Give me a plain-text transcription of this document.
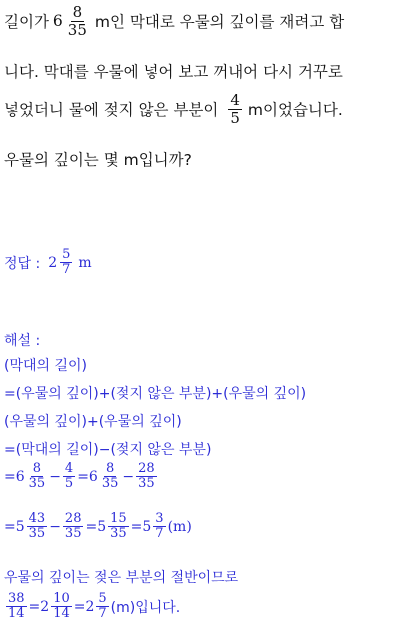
길이가 $6 \frac{8}{35}$ m인 막대로 우물의 깊이를 재려고 합
니다. 막대를 우물에 넣어 보고 꺼내어 다시 거꾸로
넣었더니 물에 젖지 않은 부분이 $\frac{4}{5}$ m이었습니다.
우물의 깊이는 몇 m입니까?
정답 : $2 \frac{5}{7}$ m
해설 :
(막대의 길이)
=(우물의 깊이)+(젖지 않은 부분)+(우물의 깊이)
(우물의 깊이)+(우물의 깊이)
=(막대의 길이)−(젖지 않은 부분)
$=6 \frac{8}{35} - \frac{4}{5} =6 \frac{8}{35} - \frac{28}{35}$
$=5 \frac{43}{35} - \frac{28}{35} =5 \frac{15}{35} =5 \frac{3}{7} (m)$
우물의 깊이는 젖은 부분의 절반이므로
$\frac{38}{14} =2 \frac{10}{14} =2 \frac{5}{7} (m)$입니다.
